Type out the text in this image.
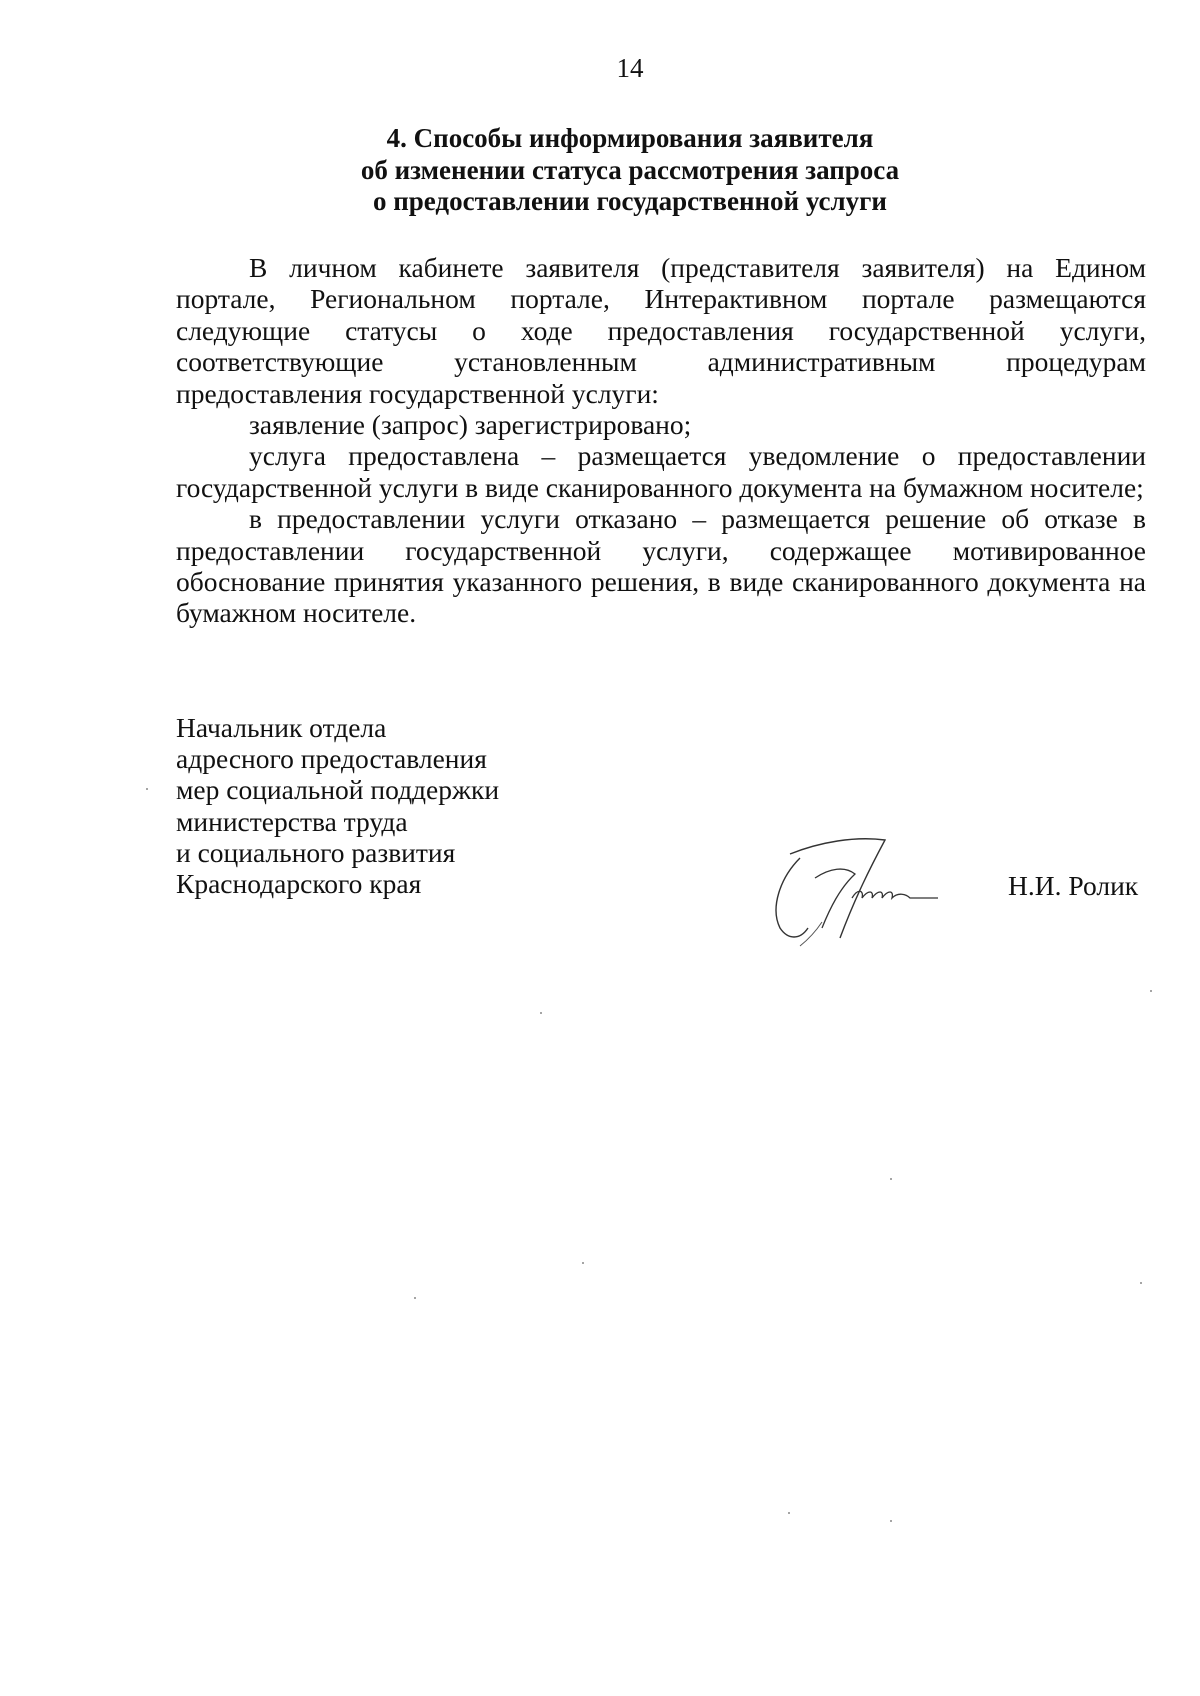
14
4. Способы информирования заявителя
об изменении статуса рассмотрения запроса
о предоставлении государственной услуги

В личном кабинете заявителя (представителя заявителя) на Едином портале, Региональном портале, Интерактивном портале размещаются следующие статусы о ходе предоставления государственной услуги, соответствующие установленным административным процедурам предоставления государственной услуги:

заявление (запрос) зарегистрировано;

услуга предоставлена – размещается уведомление о предоставлении государственной услуги в виде сканированного документа на бумажном носителе;

в предоставлении услуги отказано – размещается решение об отказе в предоставлении государственной услуги, содержащее мотивированное обоснование принятия указанного решения, в виде сканированного документа на бумажном носителе.

Начальник отдела
адресного предоставления
мер социальной поддержки
министерства труда
и социального развития
Краснодарского края	Н.И. Ролик
